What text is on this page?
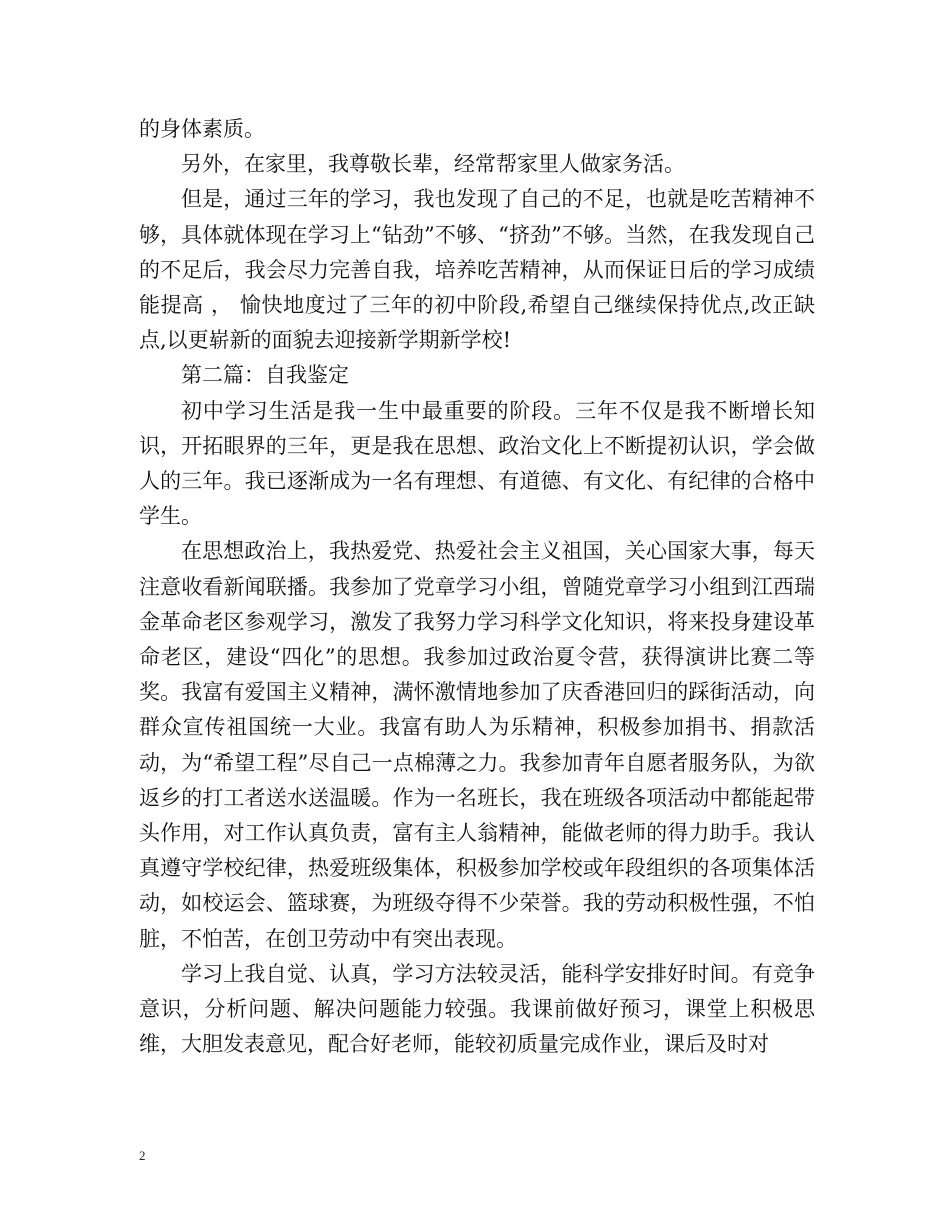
的身体素质。

另外，在家里，我尊敬长辈，经常帮家里人做家务活。

但是，通过三年的学习，我也发现了自己的不足，也就是吃苦精神不够，具体就体现在学习上“钻劲”不够、“挤劲”不够。当然，在我发现自己的不足后，我会尽力完善自我，培养吃苦精神，从而保证日后的学习成绩能提高 ， 愉快地度过了三年的初中阶段,希望自己继续保持优点,改正缺点,以更崭新的面貌去迎接新学期新学校!

第二篇：自我鉴定

初中学习生活是我一生中最重要的阶段。三年不仅是我不断增长知识，开拓眼界的三年，更是我在思想、政治文化上不断提初认识，学会做人的三年。我已逐渐成为一名有理想、有道德、有文化、有纪律的合格中学生。

在思想政治上，我热爱党、热爱社会主义祖国，关心国家大事，每天注意收看新闻联播。我参加了党章学习小组，曾随党章学习小组到江西瑞金革命老区参观学习，激发了我努力学习科学文化知识，将来投身建设革命老区，建设“四化”的思想。我参加过政治夏令营，获得演讲比赛二等奖。我富有爱国主义精神，满怀激情地参加了庆香港回归的踩街活动，向群众宣传祖国统一大业。我富有助人为乐精神，积极参加捐书、捐款活动，为“希望工程”尽自己一点棉薄之力。我参加青年自愿者服务队，为欲返乡的打工者送水送温暖。作为一名班长，我在班级各项活动中都能起带头作用，对工作认真负责，富有主人翁精神，能做老师的得力助手。我认真遵守学校纪律，热爱班级集体，积极参加学校或年段组织的各项集体活动，如校运会、篮球赛，为班级夺得不少荣誉。我的劳动积极性强，不怕脏，不怕苦，在创卫劳动中有突出表现。

学习上我自觉、认真，学习方法较灵活，能科学安排好时间。有竞争意识，分析问题、解决问题能力较强。我课前做好预习，课堂上积极思维，大胆发表意见，配合好老师，能较初质量完成作业，课后及时对

2
